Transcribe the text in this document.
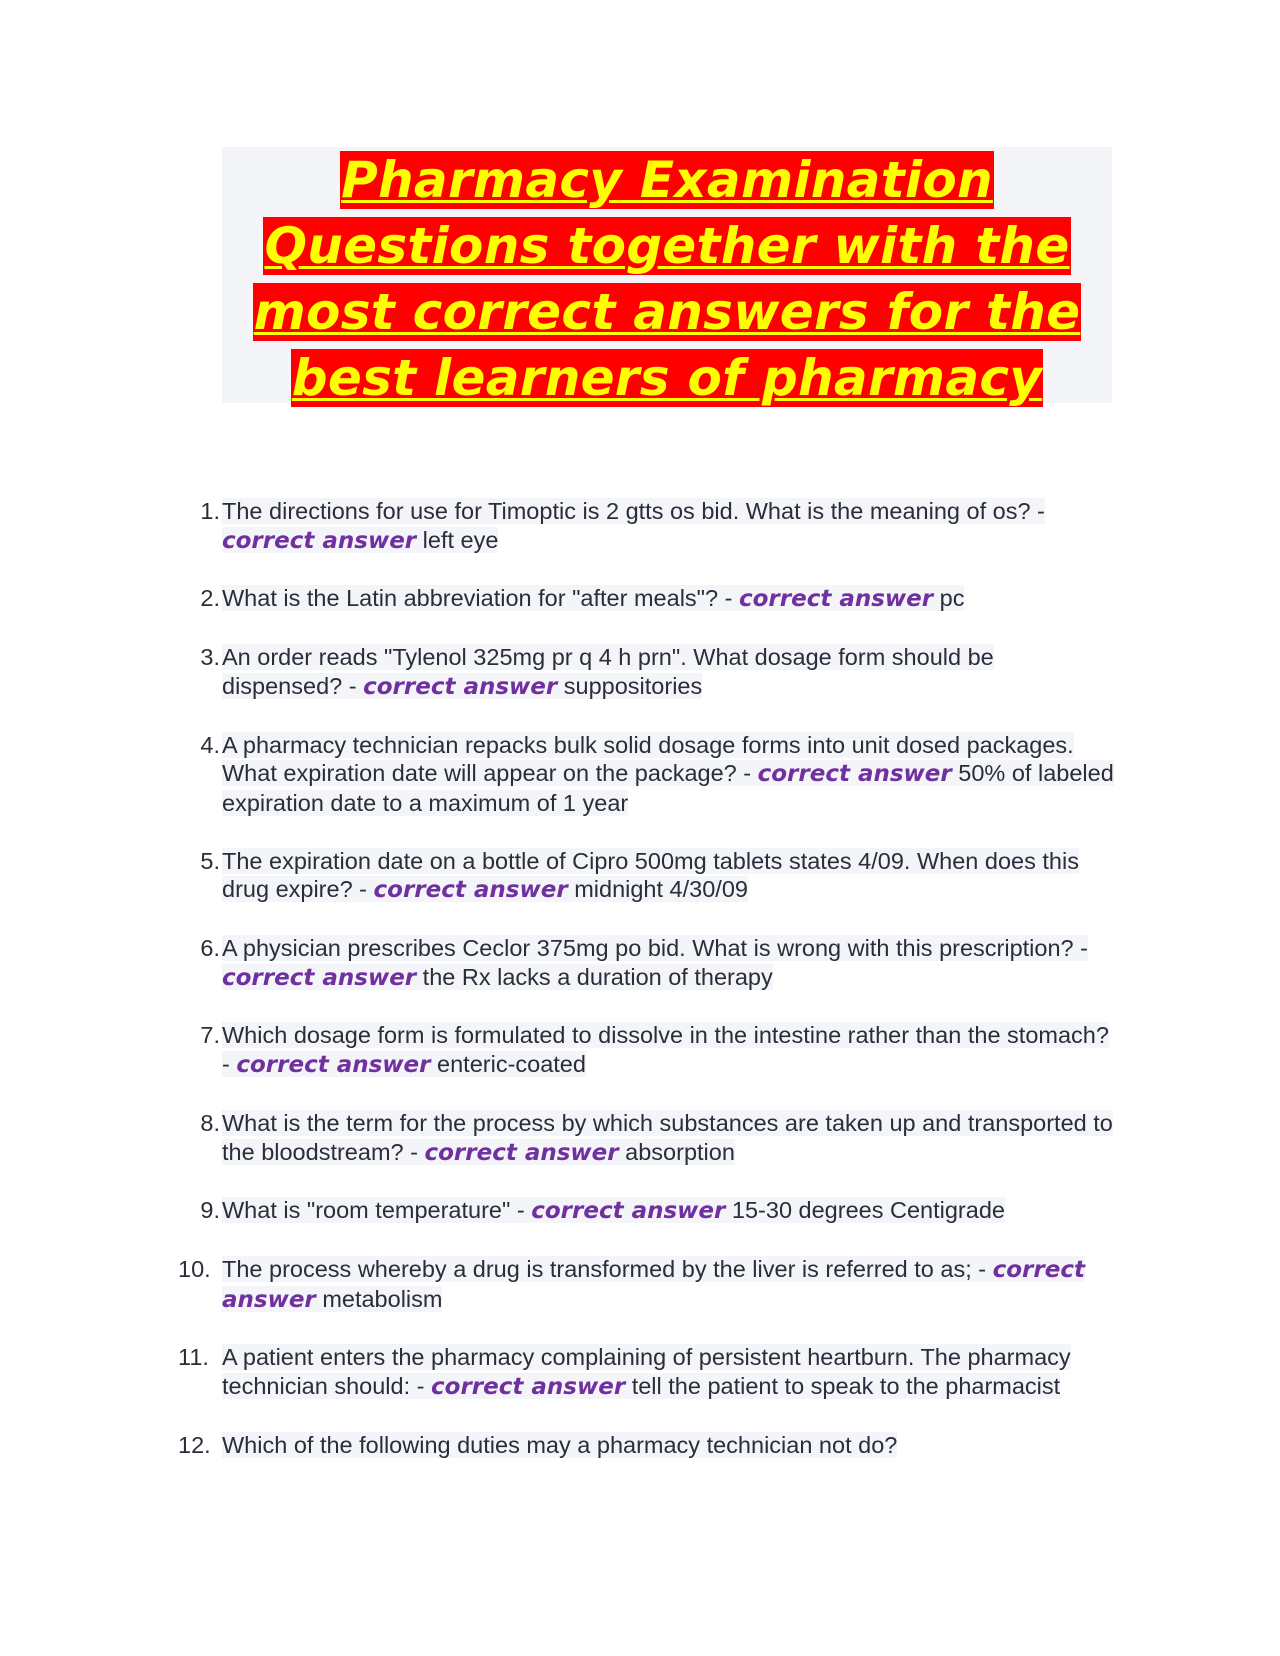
Pharmacy Examination
Questions together with the
most correct answers for the
best learners of pharmacy
1. The directions for use for Timoptic is 2 gtts os bid. What is the meaning of os? - correct answer left eye
2. What is the Latin abbreviation for "after meals"? - correct answer pc
3. An order reads "Tylenol 325mg pr q 4 h prn". What dosage form should be dispensed? - correct answer suppositories
4. A pharmacy technician repacks bulk solid dosage forms into unit dosed packages. What expiration date will appear on the package? - correct answer 50% of labeled expiration date to a maximum of 1 year
5. The expiration date on a bottle of Cipro 500mg tablets states 4/09. When does this drug expire? - correct answer midnight 4/30/09
6. A physician prescribes Ceclor 375mg po bid. What is wrong with this prescription? - correct answer the Rx lacks a duration of therapy
7. Which dosage form is formulated to dissolve in the intestine rather than the stomach? - correct answer enteric-coated
8. What is the term for the process by which substances are taken up and transported to the bloodstream? - correct answer absorption
9. What is "room temperature" - correct answer 15-30 degrees Centigrade
10. The process whereby a drug is transformed by the liver is referred to as; - correct answer metabolism
11. A patient enters the pharmacy complaining of persistent heartburn. The pharmacy technician should: - correct answer tell the patient to speak to the pharmacist
12. Which of the following duties may a pharmacy technician not do?
